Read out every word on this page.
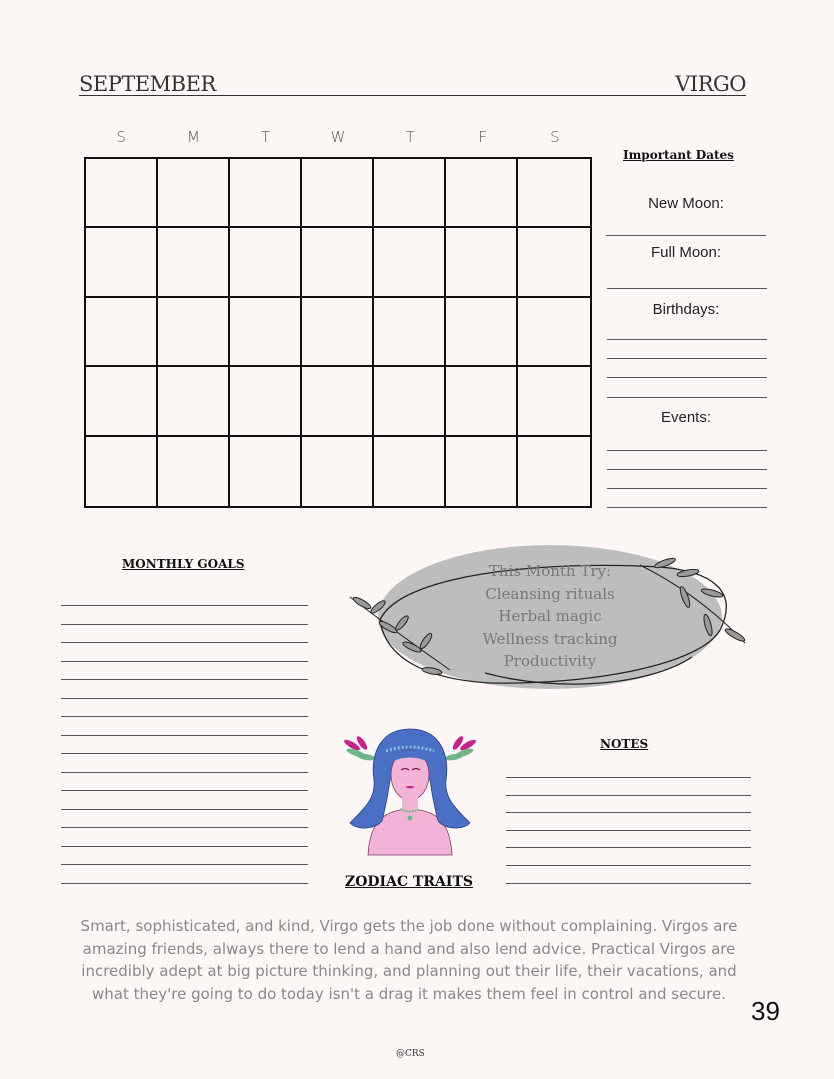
SEPTEMBER	VIRGO
S	M	T	W	T	F	S
Important Dates
New Moon:
Full Moon:
Birthdays:
Events:
MONTHLY GOALS	This Month Try:
Cleansing rituals
Herbal magic
Wellness tracking
Productivity
ZODIAC TRAITS
NOTES
Smart, sophisticated, and kind, Virgo gets the job done without complaining. Virgos are amazing friends, always there to lend a hand and also lend advice. Practical Virgos are incredibly adept at big picture thinking, and planning out their life, their vacations, and what they're going to do today isn't a drag it makes them feel in control and secure.
39
@CRS
